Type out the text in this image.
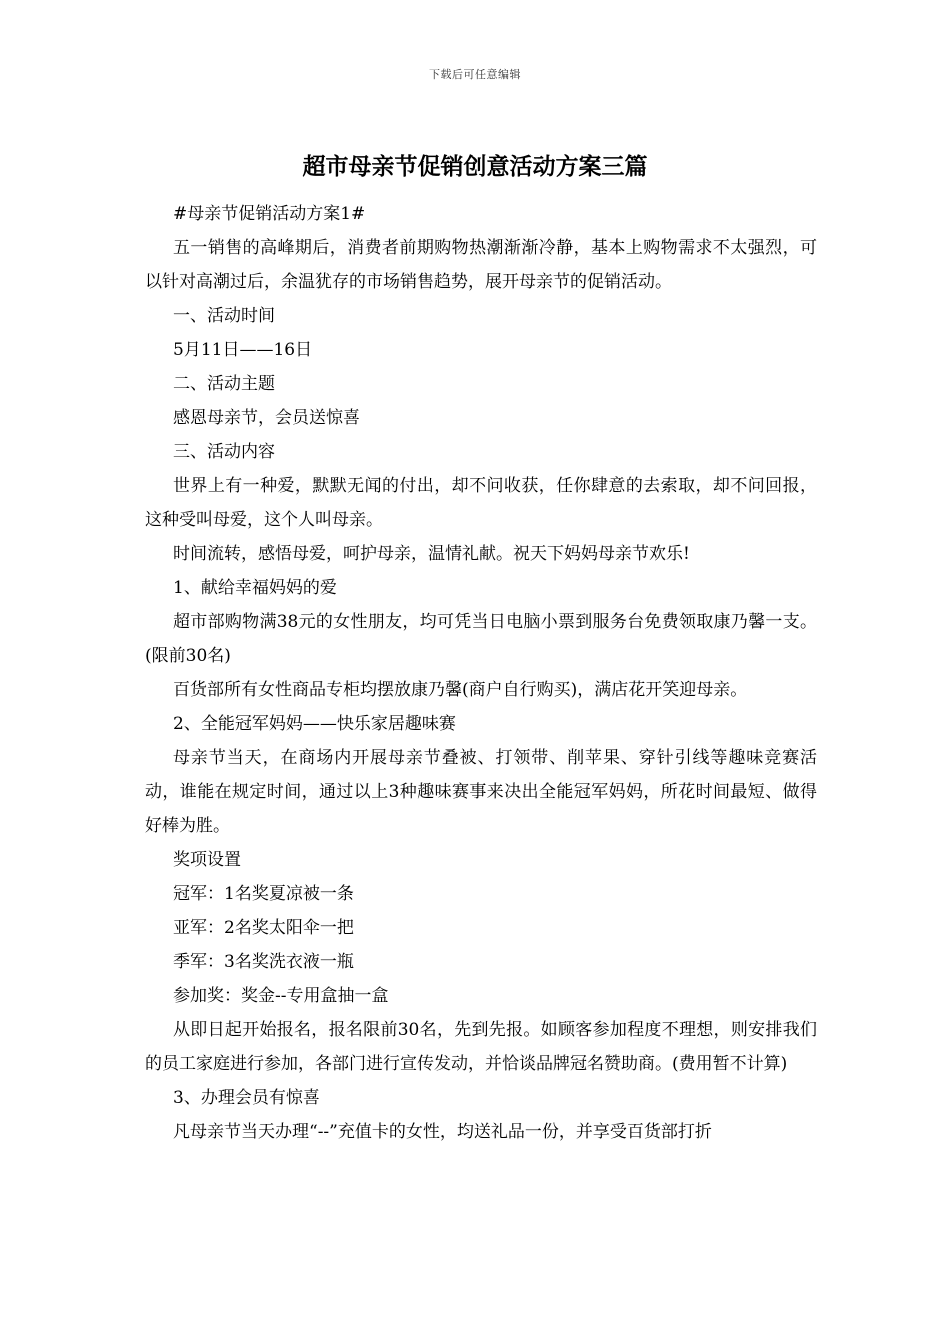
下载后可任意编辑
超市母亲节促销创意活动方案三篇

#母亲节促销活动方案1#

五一销售的高峰期后，消费者前期购物热潮渐渐冷静，基本上购物需求不太强烈，可以针对高潮过后，余温犹存的市场销售趋势，展开母亲节的促销活动。

一、活动时间

5月11日——16日

二、活动主题

感恩母亲节，会员送惊喜

三、活动内容

世界上有一种爱，默默无闻的付出，却不问收获，任你肆意的去索取，却不问回报，这种受叫母爱，这个人叫母亲。

时间流转，感悟母爱，呵护母亲，温情礼献。祝天下妈妈母亲节欢乐!

1、献给幸福妈妈的爱

超市部购物满38元的女性朋友，均可凭当日电脑小票到服务台免费领取康乃馨一支。(限前30名)

百货部所有女性商品专柜均摆放康乃馨(商户自行购买)，满店花开笑迎母亲。

2、全能冠军妈妈——快乐家居趣味赛

母亲节当天，在商场内开展母亲节叠被、打领带、削苹果、穿针引线等趣味竞赛活动，谁能在规定时间，通过以上3种趣味赛事来决出全能冠军妈妈，所花时间最短、做得好棒为胜。

奖项设置

冠军：1名奖夏凉被一条

亚军：2名奖太阳伞一把

季军：3名奖洗衣液一瓶

参加奖：奖金--专用盒抽一盒

从即日起开始报名，报名限前30名，先到先报。如顾客参加程度不理想，则安排我们的员工家庭进行参加，各部门进行宣传发动，并恰谈品牌冠名赞助商。(费用暂不计算)

3、办理会员有惊喜

凡母亲节当天办理“--”充值卡的女性，均送礼品一份，并享受百货部打折
